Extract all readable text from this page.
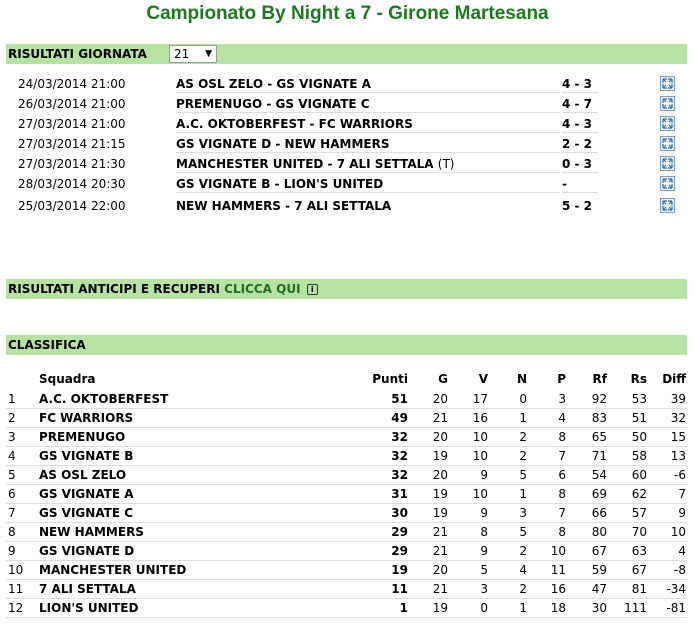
Campionato By Night a 7 - Girone Martesana
RISULTATI GIORNATA	21 ▼
24/03/2014 21:00	AS OSL ZELO - GS VIGNATE A	4 - 3
26/03/2014 21:00	PREMENUGO - GS VIGNATE C	4 - 7
27/03/2014 21:00	A.C. OKTOBERFEST - FC WARRIORS	4 - 3
27/03/2014 21:15	GS VIGNATE D - NEW HAMMERS	2 - 2
27/03/2014 21:30	MANCHESTER UNITED - 7 ALI SETTALA (T)	0 - 3
28/03/2014 20:30	GS VIGNATE B - LION'S UNITED	-
25/03/2014 22:00	NEW HAMMERS - 7 ALI SETTALA	5 - 2
RISULTATI ANTICIPI E RECUPERI CLICCA QUI i
CLASSIFICA
Squadra	Punti	G	V N	P Rf Rs Diff
1 A.C. OKTOBERFEST	51 20 17	0	3 92 53 39
2 FC WARRIORS	49 21 16	1	4 83 51 32
3 PREMENUGO	32 20 10	2	8 65 50 15
4 GS VIGNATE B	32 19 10	2	7 71 58 13
5 AS OSL ZELO	32 20	9	5	6 54 60 -6
6 GS VIGNATE A	31 19 10	1	8 69 62	7
7 GS VIGNATE C	30 19	9	3	7 66 57	9
8 NEW HAMMERS	29 21	8	5	8 80 70 10
9 GS VIGNATE D	29 21	9	2 10 67 63	4
10 MANCHESTER UNITED	19 20	5	4 11 59 67 -8
11 7 ALI SETTALA	11 21	3	2 16 47 81 -34
12 LION'S UNITED	1 19	0	1 18 30 111 -81
